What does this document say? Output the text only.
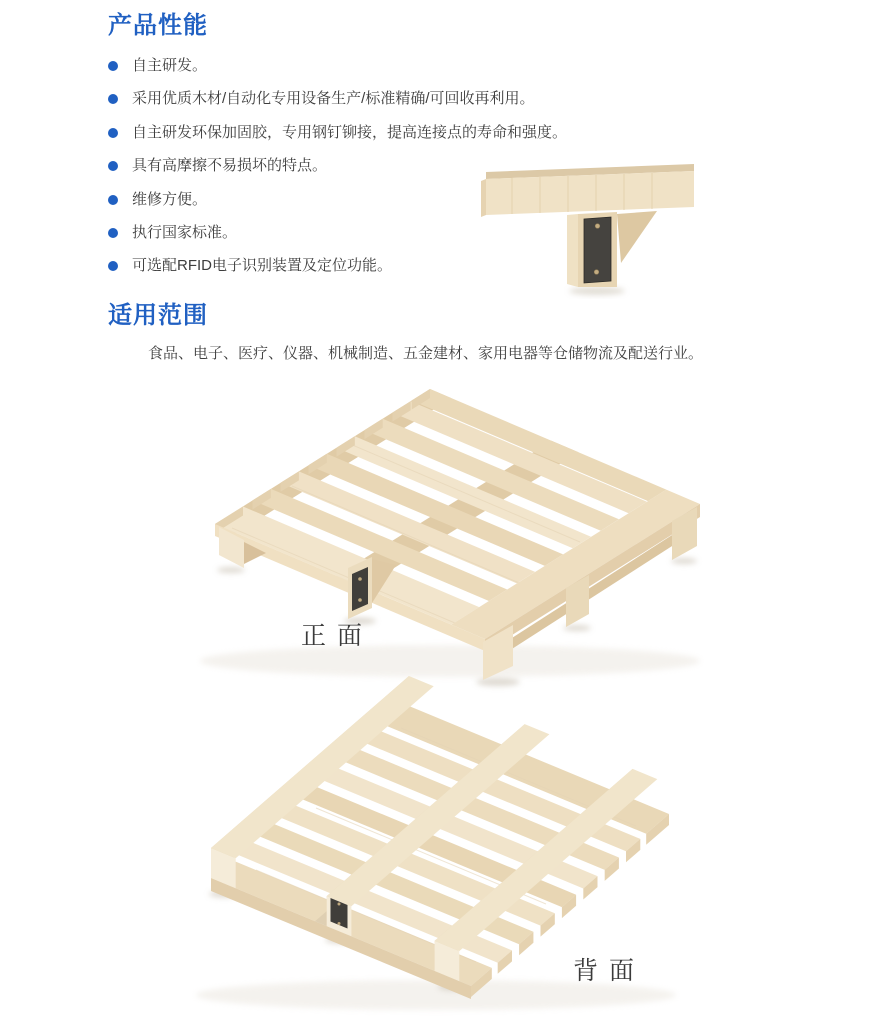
产品性能
自主研发。
采用优质木材/自动化专用设备生产/标准精确/可回收再利用。
自主研发环保加固胶，专用钢钉铆接，提高连接点的寿命和强度。
具有高摩擦不易损坏的特点。
维修方便。
执行国家标准。
可选配RFID电子识别装置及定位功能。
适用范围

食品、电子、医疗、仪器、机械制造、五金建材、家用电器等仓储物流及配送行业。

正 面
背 面
